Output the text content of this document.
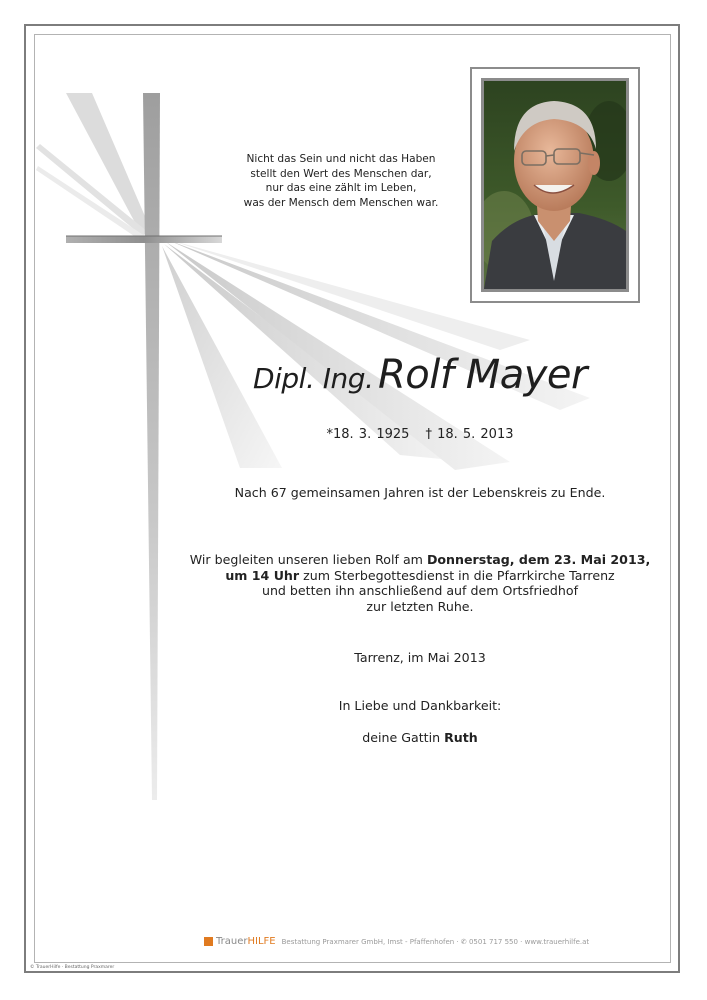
Nicht das Sein und nicht das Haben
stellt den Wert des Menschen dar,
nur das eine zählt im Leben,
was der Mensch dem Menschen war.
Dipl. Ing. Rolf Mayer
*18. 3. 1925 † 18. 5. 2013
Nach 67 gemeinsamen Jahren ist der Lebenskreis zu Ende.
Wir begleiten unseren lieben Rolf am Donnerstag, dem 23. Mai 2013,
um 14 Uhr zum Sterbegottesdienst in die Pfarrkirche Tarrenz
und betten ihn anschließend auf dem Ortsfriedhof
zur letzten Ruhe.
Tarrenz, im Mai 2013
In Liebe und Dankbarkeit:
deine Gattin Ruth
Trauer HILFE Bestattung Praxmarer GmbH, Imst - Pfaffenhofen · ✆ 0501 717 550 · www.trauerhilfe.at
© TrauerHilfe · Bestattung Praxmarer
